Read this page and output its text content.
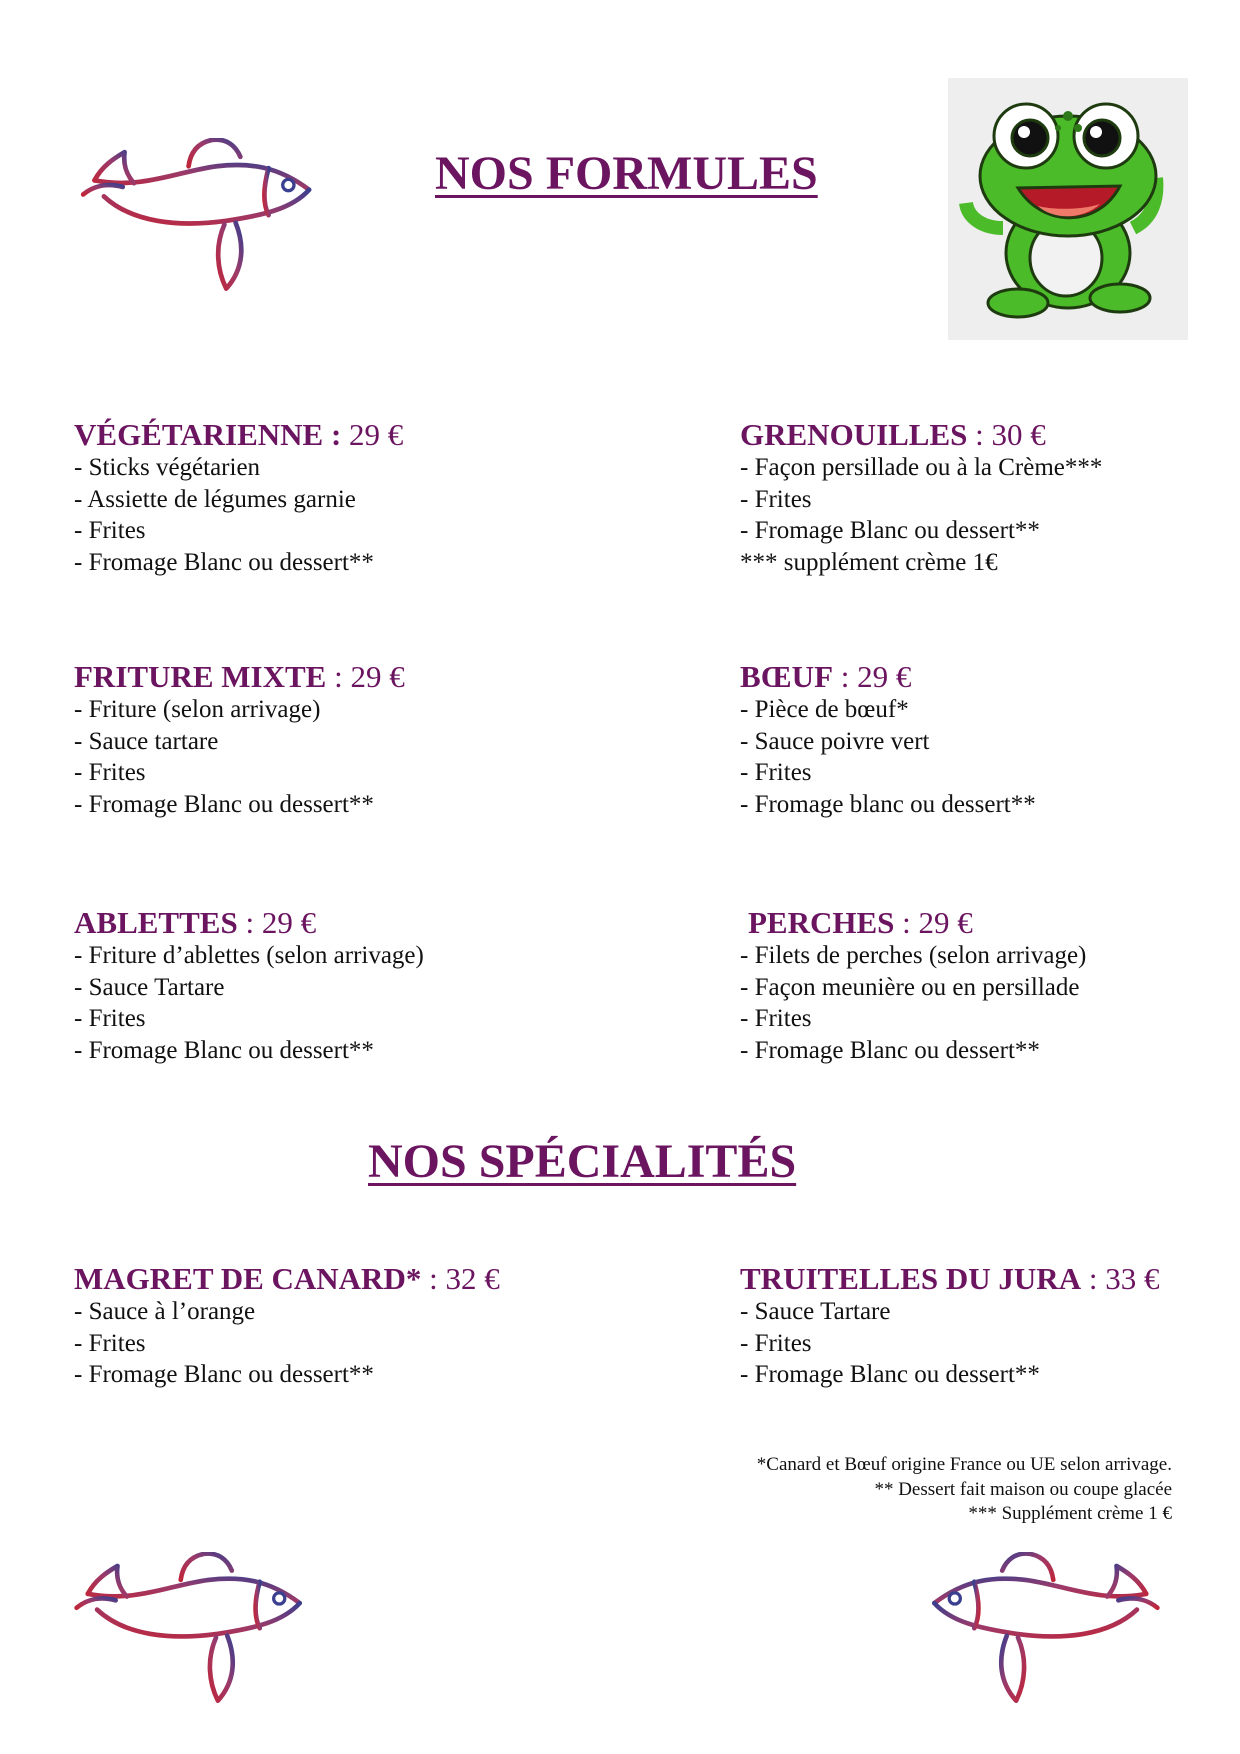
NOS FORMULES
VÉGÉTARIENNE : 29 €
- Sticks végétarien
- Assiette de légumes garnie
- Frites
- Fromage Blanc ou dessert**
GRENOUILLES : 30 €
- Façon persillade ou à la Crème***
- Frites
- Fromage Blanc ou dessert**
*** supplément crème 1€
FRITURE MIXTE : 29 €
- Friture (selon arrivage)
- Sauce tartare
- Frites
- Fromage Blanc ou dessert**
BŒUF : 29 €
- Pièce de bœuf*
- Sauce poivre vert
- Frites
- Fromage blanc ou dessert**
ABLETTES : 29 €
- Friture d’ablettes (selon arrivage)
- Sauce Tartare
- Frites
- Fromage Blanc ou dessert**
PERCHES : 29 €
- Filets de perches (selon arrivage)
- Façon meunière ou en persillade
- Frites
- Fromage Blanc ou dessert**
NOS SPÉCIALITÉS
MAGRET DE CANARD* : 32 €
- Sauce à l’orange
- Frites
- Fromage Blanc ou dessert**
TRUITELLES DU JURA : 33 €
- Sauce Tartare
- Frites
- Fromage Blanc ou dessert**
*Canard et Bœuf origine France ou UE selon arrivage.
** Dessert fait maison ou coupe glacée
*** Supplément crème 1 €
